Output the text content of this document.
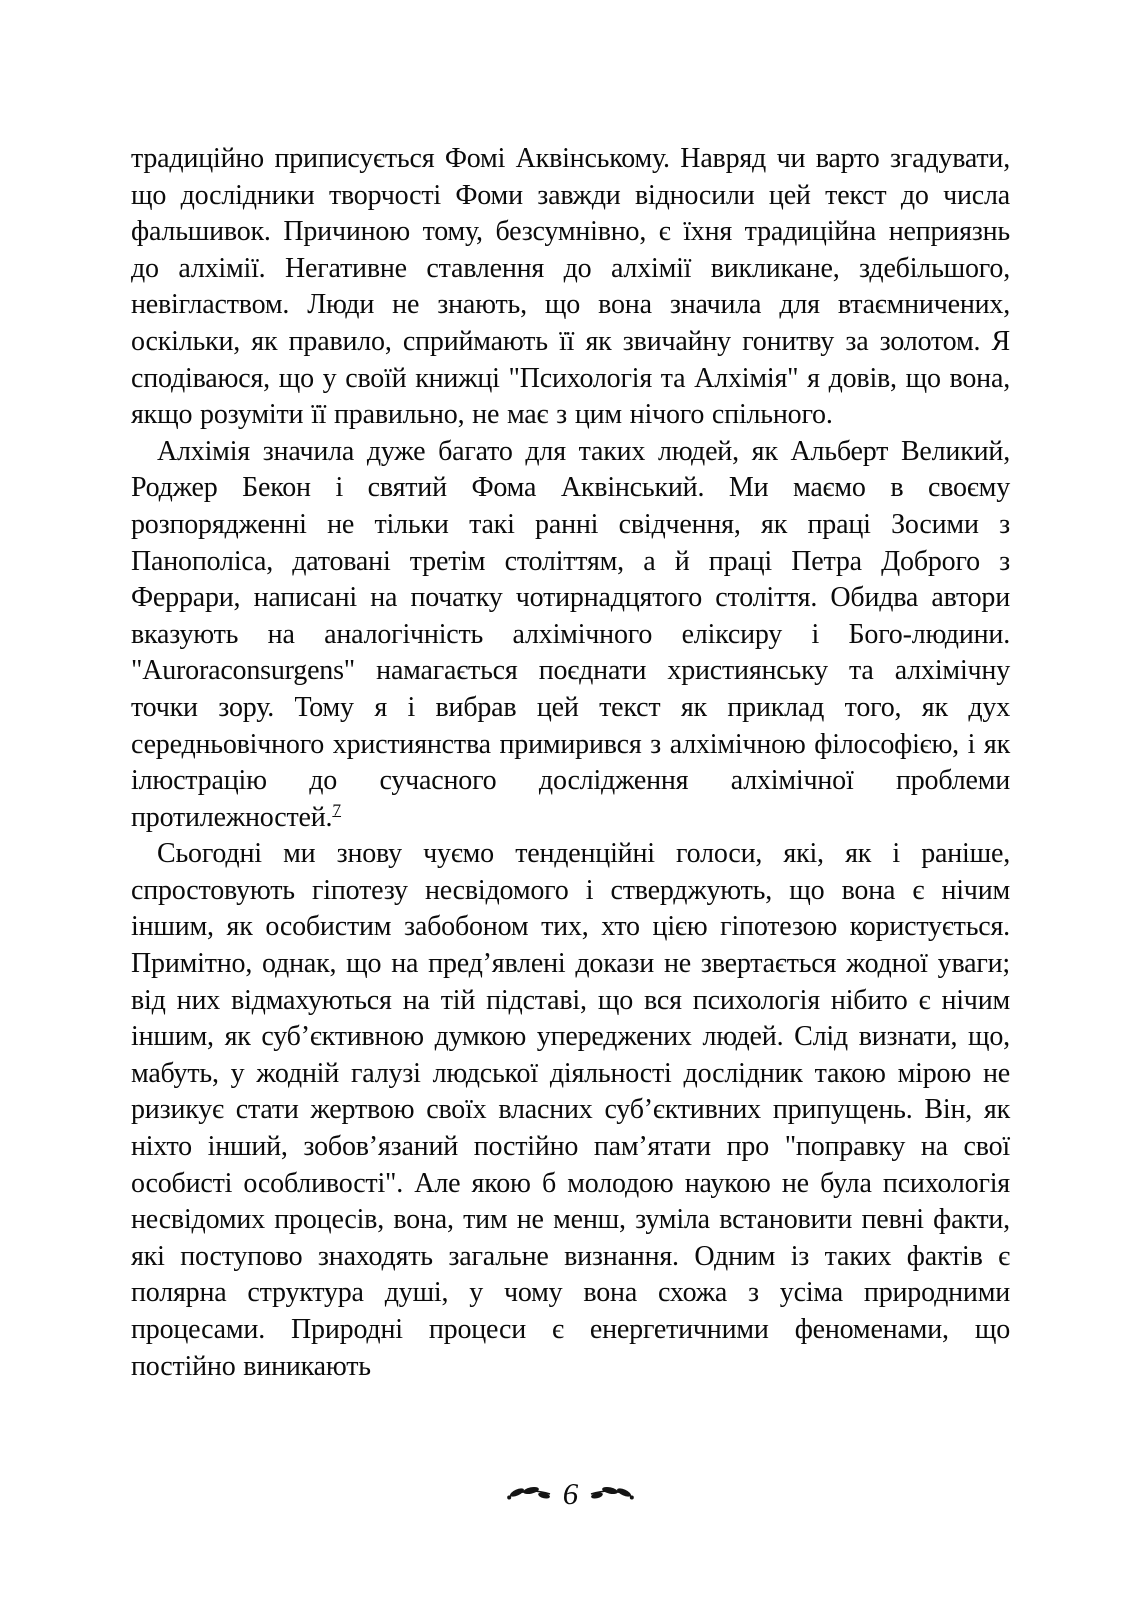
традиційно приписується Фомі Аквінському. Навряд чи варто згадувати, що дослідники творчості Фоми завжди відносили цей текст до числа фальшивок. Причиною тому, безсумнівно, є їхня традиційна неприязнь до алхімії. Негативне ставлення до алхімії викликане, здебільшого, невіглаством. Люди не знають, що вона значила для втаємничених, оскільки, як правило, сприймають її як звичайну гонитву за золотом. Я сподіваюся, що у своїй книжці "Психологія та Алхімія" я довів, що вона, якщо розуміти її правильно, не має з цим нічого спільного.

Алхімія значила дуже багато для таких людей, як Альберт Великий, Роджер Бекон і святий Фома Аквінський. Ми маємо в своєму розпорядженні не тільки такі ранні свідчення, як праці Зосими з Панополіса, датовані третім століттям, а й праці Петра Доброго з Феррари, написані на початку чотирнадцятого століття. Обидва автори вказують на аналогічність алхімічного еліксиру і Бого-людини. "Auroraconsurgens" намагається поєднати християнську та алхімічну точки зору. Тому я і вибрав цей текст як приклад того, як дух середньовічного християнства примирився з алхімічною філософією, і як ілюстрацію до сучасного дослідження алхімічної проблеми протилежностей.$^7$

Сьогодні ми знову чуємо тенденційні голоси, які, як і раніше, спростовують гіпотезу несвідомого і стверджують, що вона є нічим іншим, як особистим забобоном тих, хто цією гіпотезою користується. Примітно, однак, що на пред’явлені докази не звертається жодної уваги; від них відмахуються на тій підставі, що вся психологія нібито є нічим іншим, як суб’єктивною думкою упереджених людей. Слід визнати, що, мабуть, у жодній галузі людської діяльності дослідник такою мірою не ризикує стати жертвою своїх власних суб’єктивних припущень. Він, як ніхто інший, зобов’язаний постійно пам’ятати про "поправку на свої особисті особливості". Але якою б молодою наукою не була психологія несвідомих процесів, вона, тим не менш, зуміла встановити певні факти, які поступово знаходять загальне визнання. Одним із таких фактів є полярна структура душі, у чому вона схожа з усіма природними процесами. Природні процеси є енергетичними феноменами, що постійно виникають

6
